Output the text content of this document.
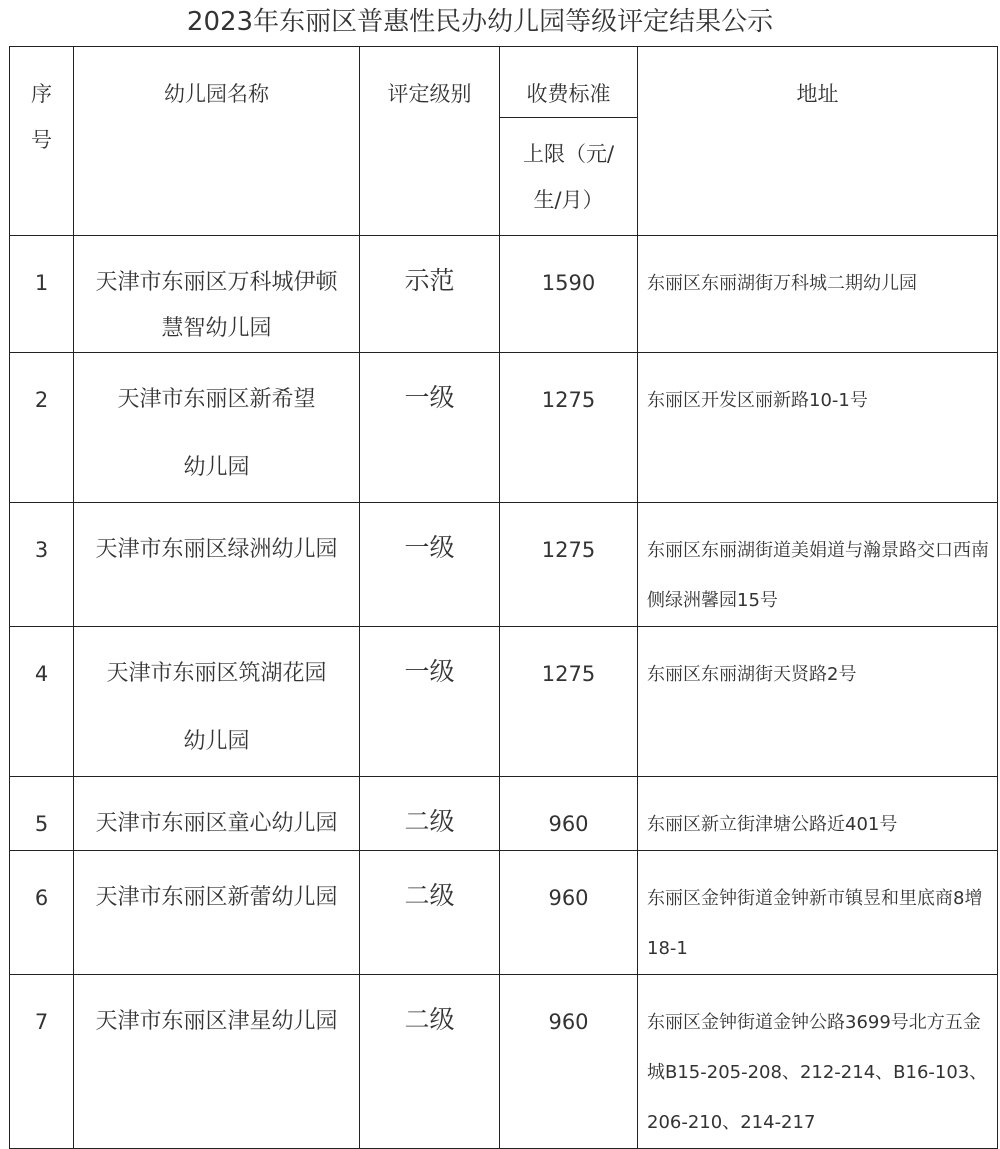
2023年东丽区普惠性民办幼儿园等级评定结果公示
序号	幼儿园名称	评定级别	收费标准	地址

			上限（元/生/月）	

1	天津市东丽区万科城伊顿慧智幼儿园	示范	1590	东丽区东丽湖街万科城二期幼儿园

2	天津市东丽区新希望幼儿园	一级	1275	东丽区开发区丽新路10-1号

3	天津市东丽区绿洲幼儿园	一级	1275	东丽区东丽湖街道美娟道与瀚景路交口西南侧绿洲馨园15号

4	天津市东丽区筑湖花园幼儿园	一级	1275	东丽区东丽湖街天贤路2号

5	天津市东丽区童心幼儿园	二级	960	东丽区新立街津塘公路近401号

6	天津市东丽区新蕾幼儿园	二级	960	东丽区金钟街道金钟新市镇昱和里底商8增18-1

7	天津市东丽区津星幼儿园	二级	960	东丽区金钟街道金钟公路3699号北方五金城B15-205-208、212-214、B16-103、206-210、214-217
